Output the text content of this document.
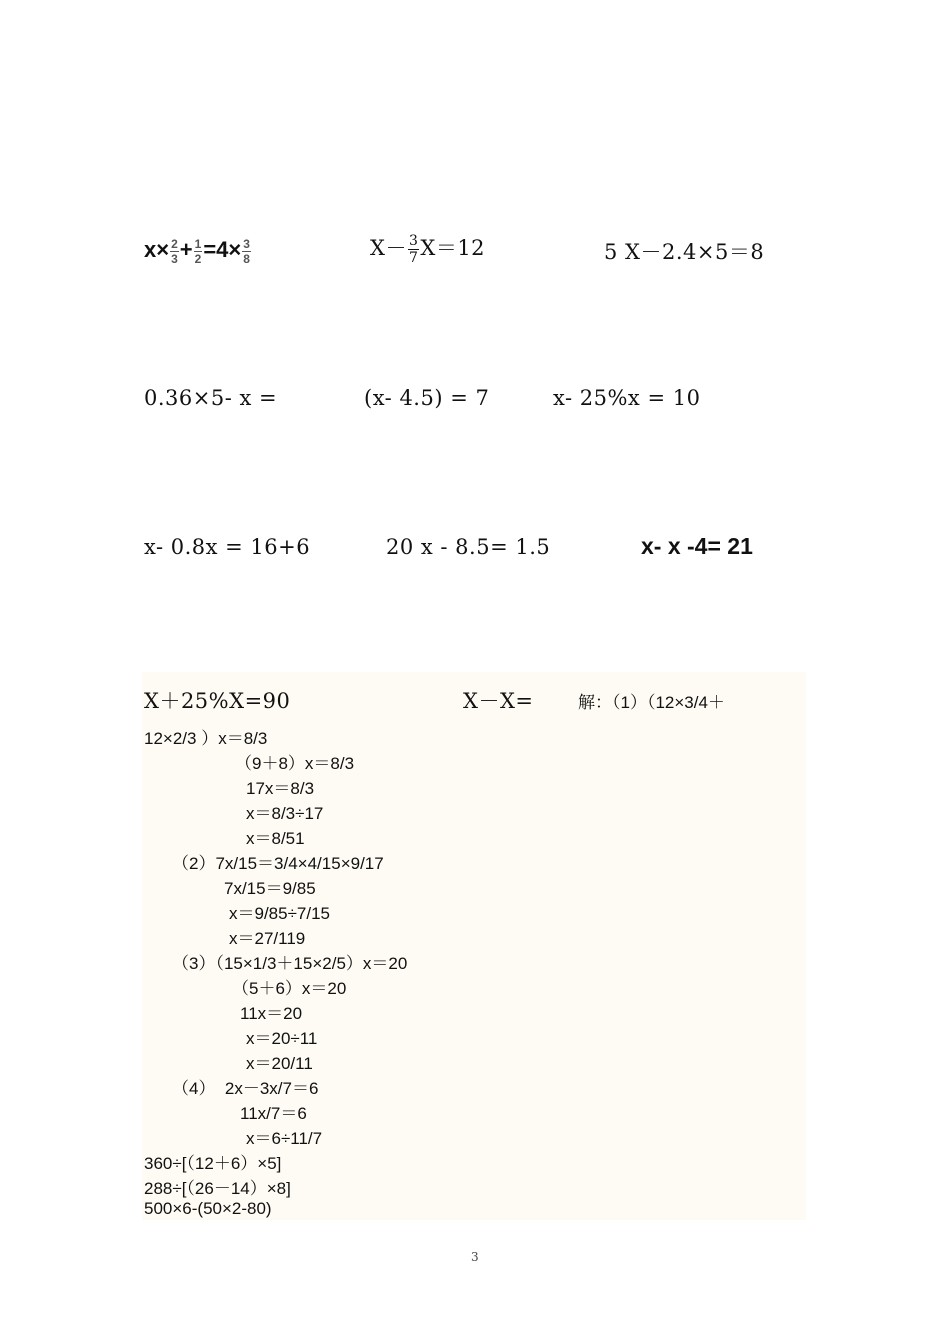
$x\times \frac{2}{3} + \frac{1}{2} =4\times \frac{3}{8}$	$X- \frac{3}{7} X=12$	5 X－2.4×5＝8
0.36×5- x =	(x- 4.5) = 7	x- 25%x = 10
x- 0.8x = 16+6	20 x - 8.5= 1.5	x- x -4= 21
X＋25%X=90	X－X=	解：（1）（12×3/4＋
12×2/3 ）x＝8/3
（9＋8）x＝8/3
17x＝8/3
x＝8/3÷17
x＝8/51
（2）7x/15＝3/4×4/15×9/17
7x/15＝9/85
x＝9/85÷7/15
x＝27/119
（3）（15×1/3＋15×2/5）x＝20
（5＋6）x＝20
11x＝20
x＝20÷11
x＝20/11
（4）  2x－3x/7＝6
11x/7＝6
x＝6÷11/7
360÷[（12＋6）×5]
288÷[（26－14）×8]
500×6-(50×2-80)
3
